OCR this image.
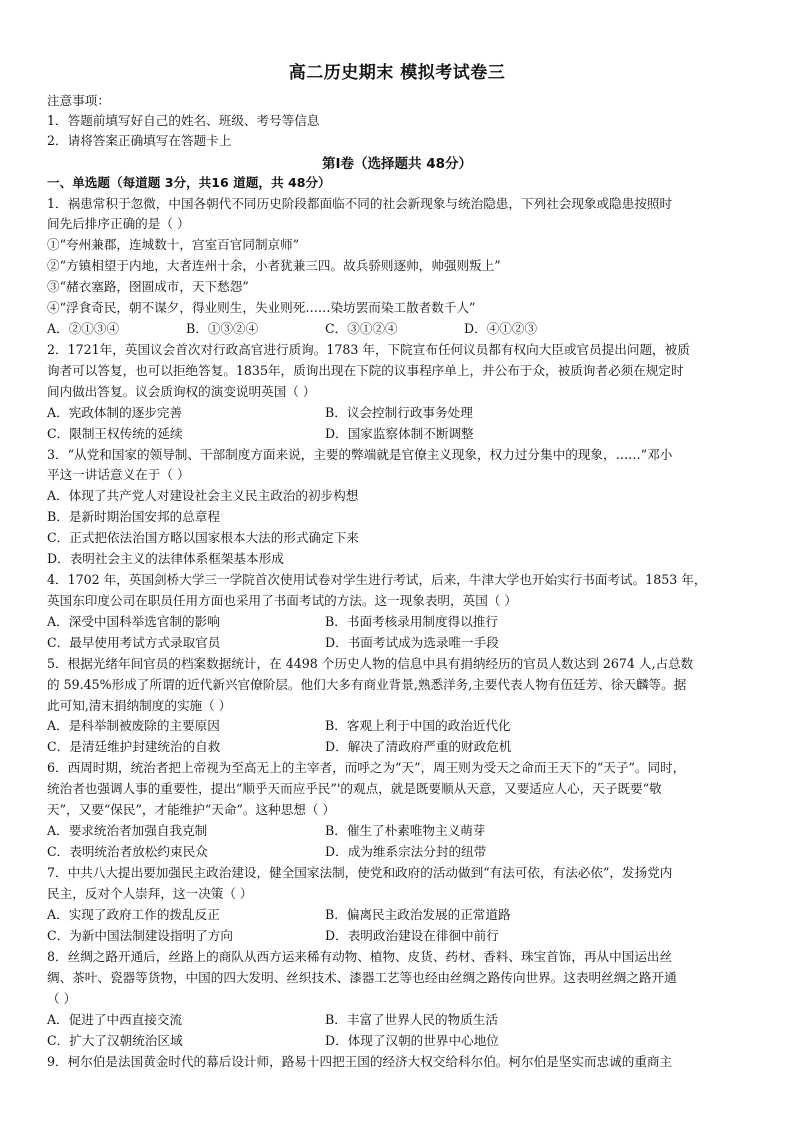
高二历史期末 模拟考试卷三
注意事项：
1．答题前填写好自己的姓名、班级、考号等信息
2．请将答案正确填写在答题卡上
第I卷（选择题共 48分）
一、单选题（每道题 3分，共16 道题，共 48分）
1．祸患常积于忽微，中国各朝代不同历史阶段都面临不同的社会新现象与统治隐患，下列社会现象或隐患按照时
间先后排序正确的是（ ）
①“夸州兼郡，连城数十，宫室百官同制京师”
②“方镇相望于内地，大者连州十余，小者犹兼三四。故兵骄则逐帅，帅强则叛上”
③“赭衣塞路，囹圄成市，天下愁怨”
④“浮食奇民，朝不谋夕，得业则生，失业则死……染坊罢而染工散者数千人”
A．②①③④	B．①③②④	C．③①②④	D．④①②③
2．1721年，英国议会首次对行政高官进行质询。1783 年，下院宣布任何议员都有权向大臣或官员提出问题，被质
询者可以答复，也可以拒绝答复。1835年，质询出现在下院的议事程序单上，并公布于众，被质询者必须在规定时
间内做出答复。议会质询权的演变说明英国（ ）
A．宪政体制的逐步完善	B．议会控制行政事务处理
C．限制王权传统的延续	D．国家监察体制不断调整
3．“从党和国家的领导制、干部制度方面来说，主要的弊端就是官僚主义现象，权力过分集中的现象，……”邓小
平这一讲话意义在于（ ）
A．体现了共产党人对建设社会主义民主政治的初步构想
B．是新时期治国安邦的总章程
C．正式把依法治国方略以国家根本大法的形式确定下来
D．表明社会主义的法律体系框架基本形成
4．1702 年，英国剑桥大学三一学院首次使用试卷对学生进行考试，后来，牛津大学也开始实行书面考试。1853 年，
英国东印度公司在职员任用方面也采用了书面考试的方法。这一现象表明，英国（ ）
A．深受中国科举选官制的影响	B．书面考核录用制度得以推行
C．最早使用考试方式录取官员	D．书面考试成为选录唯一手段
5．根据光绪年间官员的档案数据统计，在 4498 个历史人物的信息中具有捐纳经历的官员人数达到 2674 人,占总数
的 59.45%形成了所谓的近代新兴官僚阶层。他们大多有商业背景,熟悉洋务,主要代表人物有伍廷芳、徐天麟等。据
此可知,清末捐纳制度的实施（ ）
A．是科举制被废除的主要原因	B．客观上利于中国的政治近代化
C．是清廷维护封建统治的自救	D．解决了清政府严重的财政危机
6．西周时期，统治者把上帝视为至高无上的主宰者，而呼之为“天”，周王则为受天之命而王天下的“天子”。同时，
统治者也强调人事的重要性，提出“顺乎天而应乎民”'的观点，就是既要顺从天意，又要适应人心，天子既要“敬
天”，又要“保民”，才能维护“天命”。这种思想（ ）
A．要求统治者加强自我克制	B．催生了朴素唯物主义萌芽
C．表明统治者放松约束民众	D．成为维系宗法分封的纽带
7．中共八大提出要加强民主政治建设，健全国家法制，使党和政府的活动做到“有法可依，有法必依”，发扬党内
民主，反对个人崇拜，这一决策（ ）
A．实现了政府工作的拨乱反正	B．偏离民主政治发展的正常道路
C．为新中国法制建设指明了方向	D．表明政治建设在徘徊中前行
8．丝绸之路开通后，丝路上的商队从西方运来稀有动物、植物、皮货、药材、香料、珠宝首饰，再从中国运出丝
绸、茶叶、瓷器等货物，中国的四大发明、丝织技术、漆器工艺等也经由丝绸之路传向世界。这表明丝绸之路开通
（ ）
A．促进了中西直接交流	B．丰富了世界人民的物质生活
C．扩大了汉朝统治区域	D．体现了汉朝的世界中心地位
9．柯尔伯是法国黄金时代的幕后设计师，路易十四把王国的经济大权交给科尔伯。柯尔伯是坚实而忠诚的重商主
